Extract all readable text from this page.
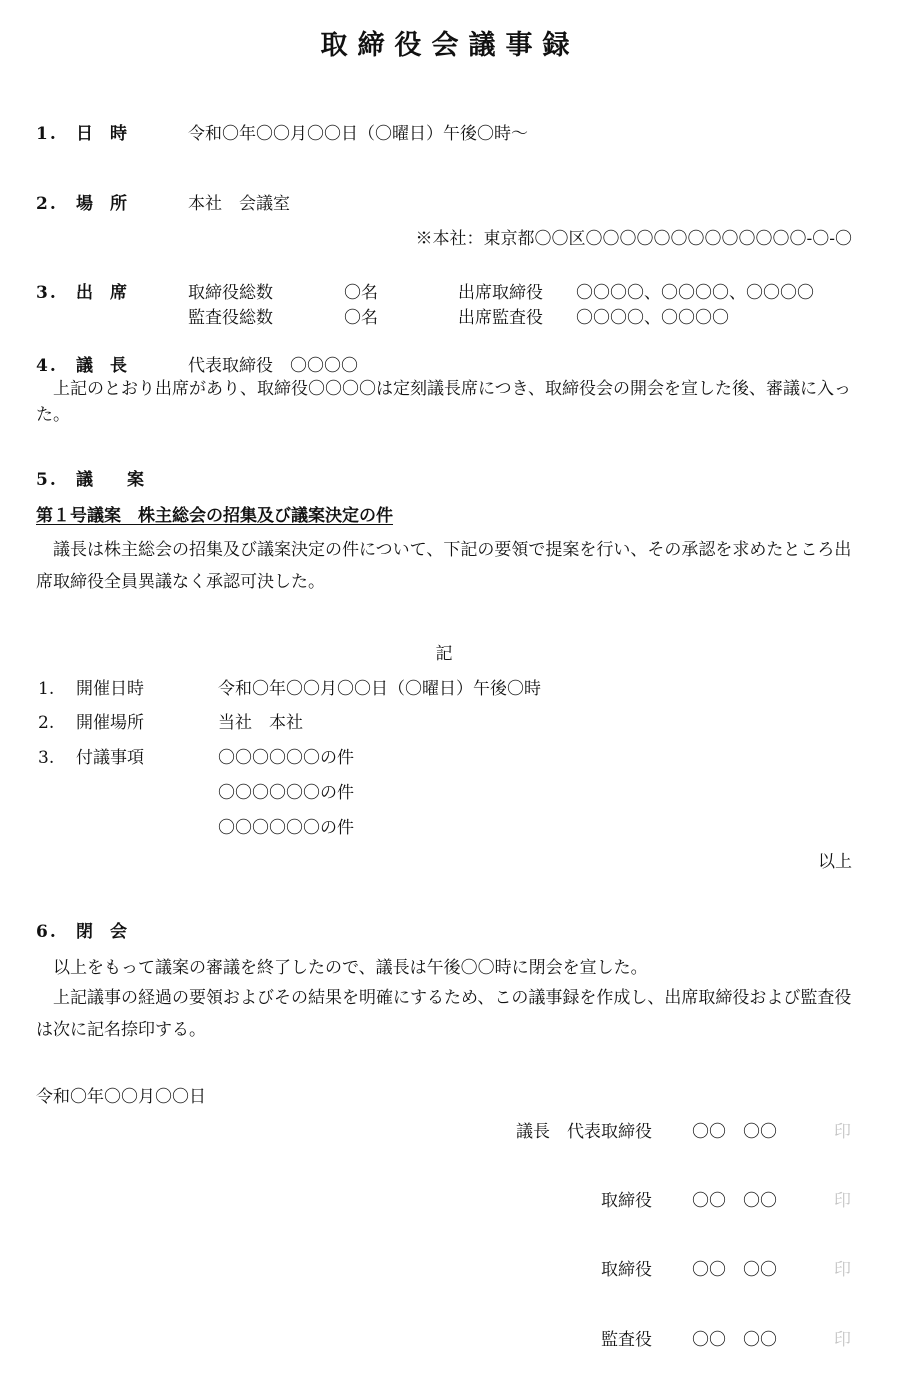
取締役会議事録
1. 日　時	令和〇年〇〇月〇〇日（〇曜日）午後〇時〜
2. 場　所	本社　会議室
※本社：東京都〇〇区〇〇〇〇〇〇〇〇〇〇〇〇〇-〇-〇
3. 出　席	取締役総数	〇名	出席取締役 〇〇〇〇、〇〇〇〇、〇〇〇〇
監査役総数	〇名	出席監査役 〇〇〇〇、〇〇〇〇
4. 議　長	代表取締役　〇〇〇〇
上記のとおり出席があり、取締役〇〇〇〇は定刻議長席につき、取締役会の開会を宣した後、審議に入った。
5. 議　　案
第１号議案　株主総会の招集及び議案決定の件
議長は株主総会の招集及び議案決定の件について、下記の要領で提案を行い、その承認を求めたところ出席取締役全員異議なく承認可決した。
記
1. 開催日時	令和〇年〇〇月〇〇日（〇曜日）午後〇時
2. 開催場所	当社　本社
3. 付議事項	〇〇〇〇〇〇の件
〇〇〇〇〇〇の件
〇〇〇〇〇〇の件
以上
6. 閉　会
以上をもって議案の審議を終了したので、議長は午後〇〇時に閉会を宣した。
上記議事の経過の要領およびその結果を明確にするため、この議事録を作成し、出席取締役および監査役は次に記名捺印する。
令和〇年〇〇月〇〇日
議長　代表取締役 〇〇　〇〇	印
取締役 〇〇　〇〇	印
取締役 〇〇　〇〇	印
監査役 〇〇　〇〇	印
